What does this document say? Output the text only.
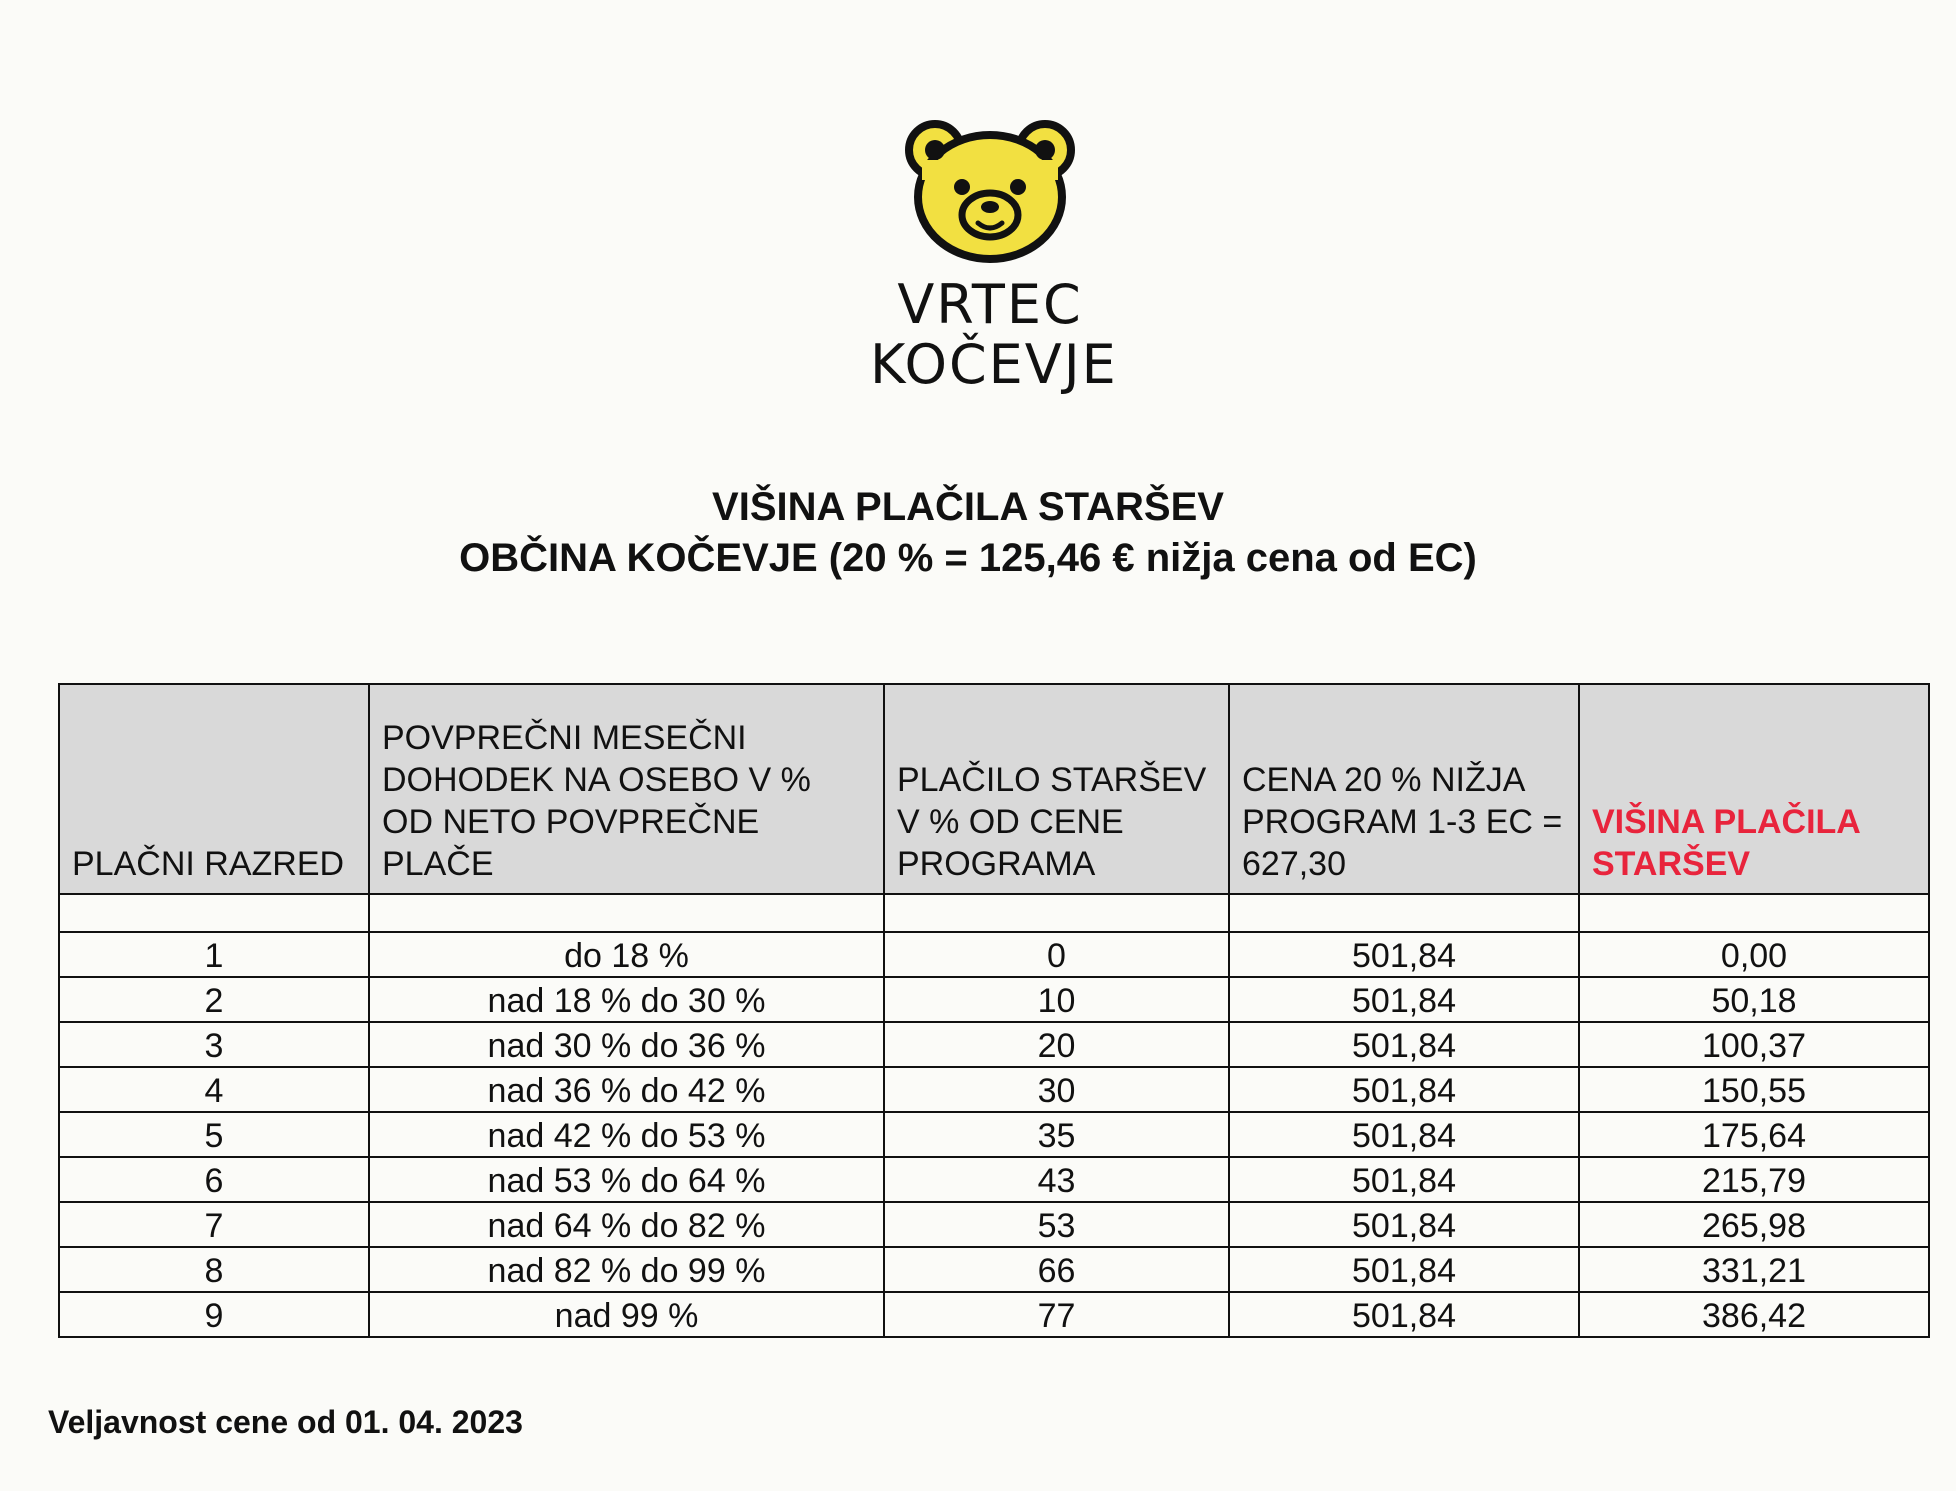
VRTEC
KOČEVJE
VIŠINA PLAČILA STARŠEV
OBČINA KOČEVJE (20 % = 125,46 € nižja cena od EC)
PLAČNI RAZRED	POVPREČNI MESEČNI DOHODEK NA OSEBO V % OD NETO POVPREČNE PLAČE	PLAČILO STARŠEV V % OD CENE PROGRAMA	CENA 20 % NIŽJA PROGRAM 1-3 EC = 627,30	VIŠINA PLAČILA STARŠEV

1	do 18 %	0	501,84	0,00
2	nad 18 % do 30 %	10	501,84	50,18
3	nad 30 % do 36 %	20	501,84	100,37
4	nad 36 % do 42 %	30	501,84	150,55
5	nad 42 % do 53 %	35	501,84	175,64
6	nad 53 % do 64 %	43	501,84	215,79
7	nad 64 % do 82 %	53	501,84	265,98
8	nad 82 % do 99 %	66	501,84	331,21
9	nad 99 %	77	501,84	386,42
Veljavnost cene od 01. 04. 2023
